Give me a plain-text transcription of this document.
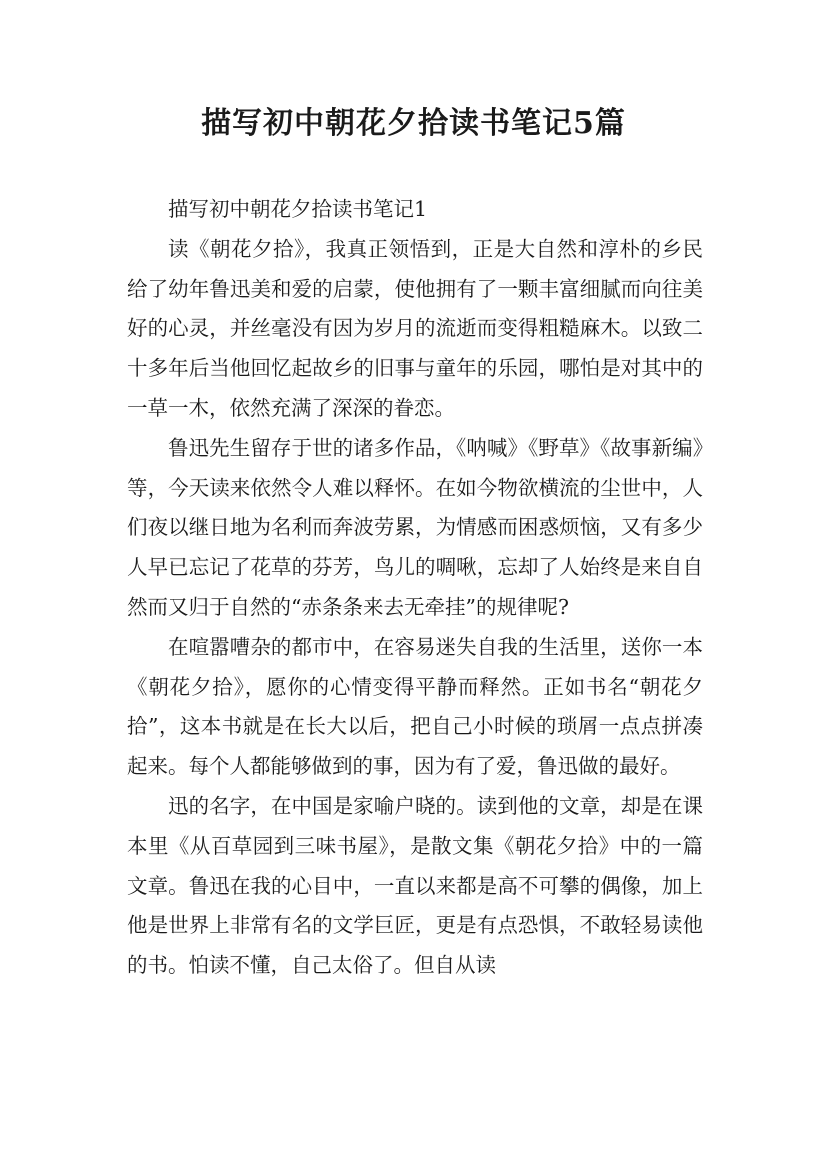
描写初中朝花夕拾读书笔记5篇

描写初中朝花夕拾读书笔记1

读《朝花夕拾》，我真正领悟到，正是大自然和淳朴的乡民给了幼年鲁迅美和爱的启蒙，使他拥有了一颗丰富细腻而向往美好的心灵，并丝毫没有因为岁月的流逝而变得粗糙麻木。以致二十多年后当他回忆起故乡的旧事与童年的乐园，哪怕是对其中的一草一木，依然充满了深深的眷恋。

鲁迅先生留存于世的诸多作品，《呐喊》《野草》《故事新编》等，今天读来依然令人难以释怀。在如今物欲横流的尘世中，人们夜以继日地为名利而奔波劳累，为情感而困惑烦恼，又有多少人早已忘记了花草的芬芳，鸟儿的啁啾，忘却了人始终是来自自然而又归于自然的“赤条条来去无牵挂”的规律呢?

在喧嚣嘈杂的都市中，在容易迷失自我的生活里，送你一本《朝花夕拾》，愿你的心情变得平静而释然。正如书名“朝花夕拾”，这本书就是在长大以后，把自己小时候的琐屑一点点拼凑起来。每个人都能够做到的事，因为有了爱，鲁迅做的最好。

迅的名字，在中国是家喻户晓的。读到他的文章，却是在课本里《从百草园到三味书屋》，是散文集《朝花夕拾》中的一篇文章。鲁迅在我的心目中，一直以来都是高不可攀的偶像，加上他是世界上非常有名的文学巨匠，更是有点恐惧，不敢轻易读他的书。怕读不懂，自己太俗了。但自从读
